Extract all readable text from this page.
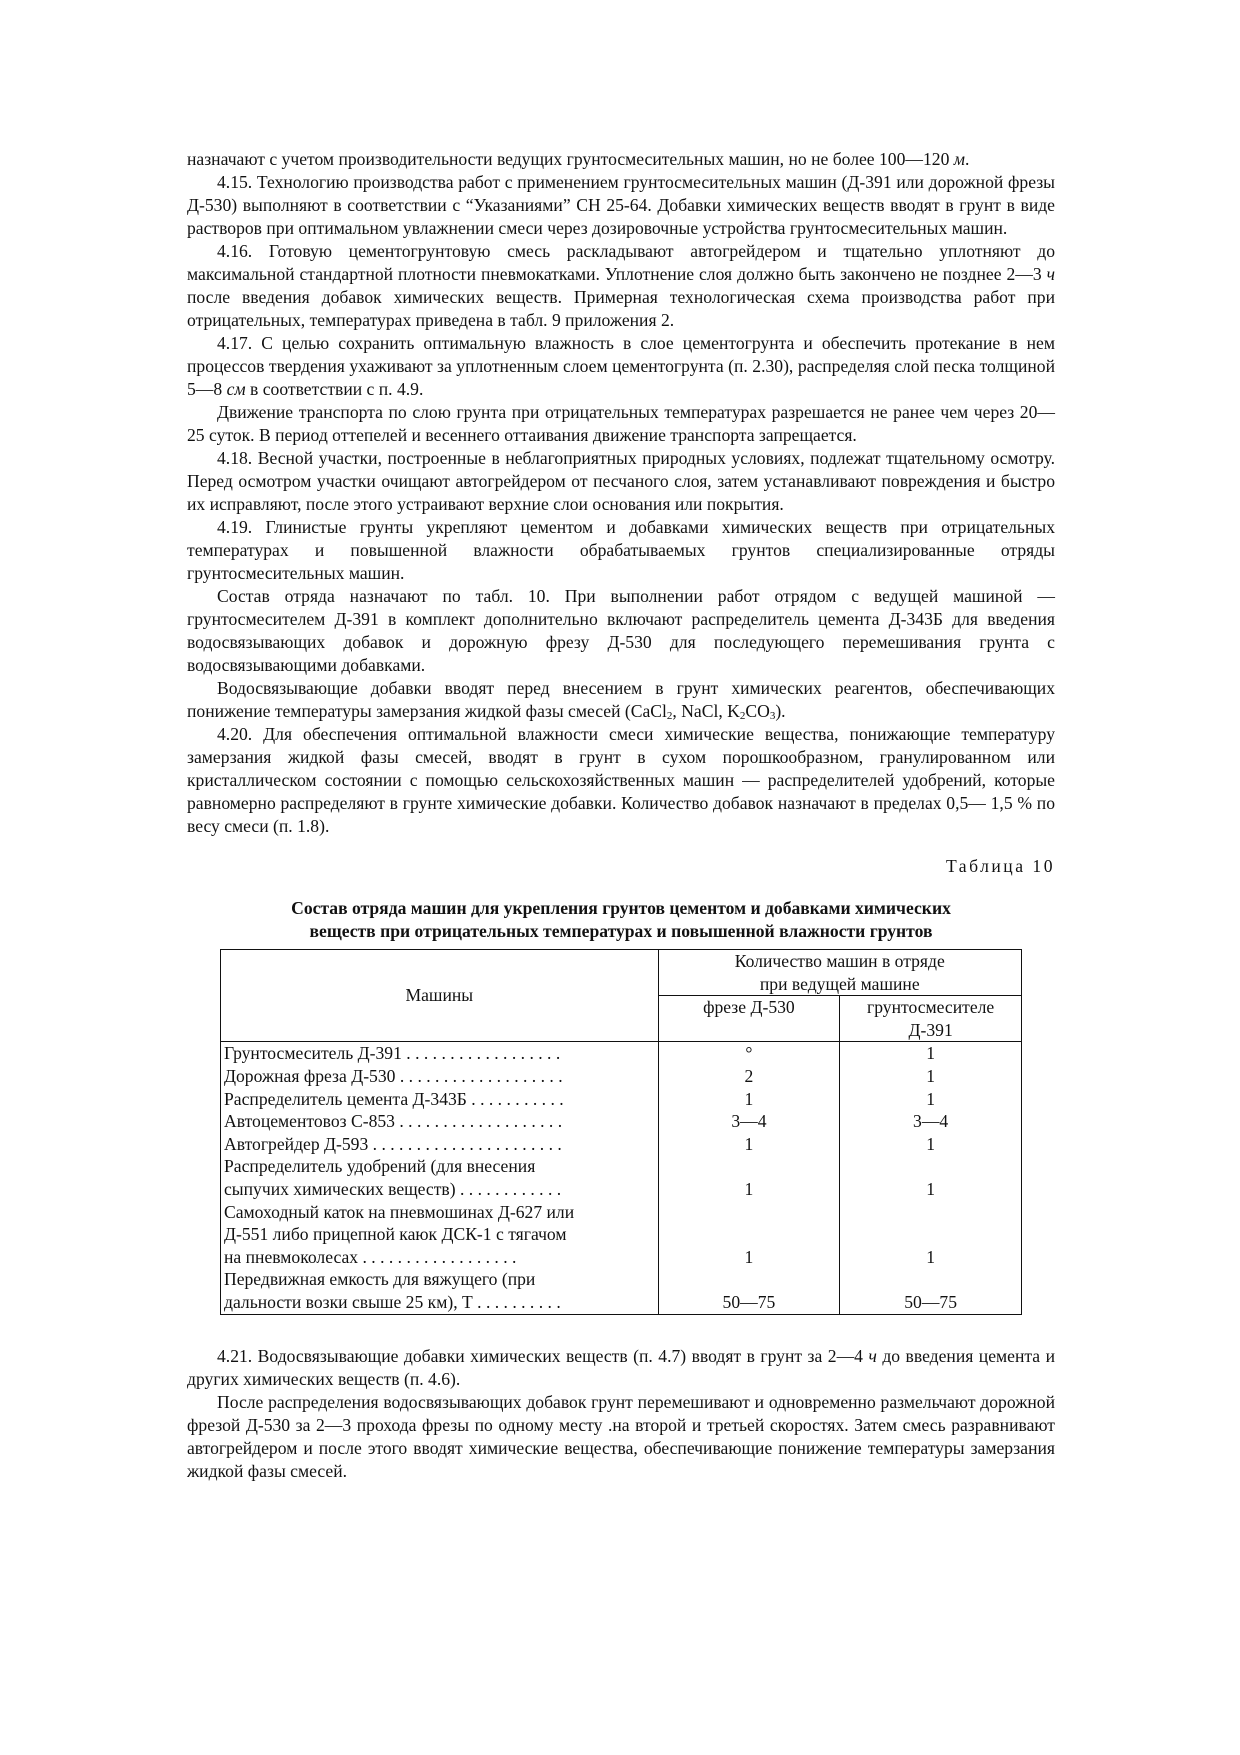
назначают с учетом производительности ведущих грунтосмесительных машин, но не более 100—120 м.

4.15. Технологию производства работ с применением грунтосмесительных машин (Д-391 или дорожной фрезы Д-530) выполняют в соответствии с “Указаниями” СН 25-64. Добавки химических веществ вводят в грунт в виде растворов при оптимальном увлажнении смеси через дозировочные устройства грунтосмесительных машин.

4.16. Готовую цементогрунтовую смесь раскладывают автогрейдером и тщательно уплотняют до максимальной стандартной плотности пневмокатками. Уплотнение слоя должно быть закончено не позднее 2—3 ч после введения добавок химических веществ. Примерная технологическая схема производства работ при отрицательных, температурах приведена в табл. 9 приложения 2.

4.17. С целью сохранить оптимальную влажность в слое цементогрунта и обеспечить протекание в нем процессов твердения ухаживают за уплотненным слоем цементогрунта (п. 2.30), распределяя слой песка толщиной 5—8 см в соответствии с п. 4.9.

Движение транспорта по слою грунта при отрицательных температурах разрешается не ранее чем через 20—25 суток. В период оттепелей и весеннего оттаивания движение транспорта запрещается.

4.18. Весной участки, построенные в неблагоприятных природных условиях, подлежат тщательному осмотру. Перед осмотром участки очищают автогрейдером от песчаного слоя, затем устанавливают повреждения и быстро их исправляют, после этого устраивают верхние слои основания или покрытия.

4.19. Глинистые грунты укрепляют цементом и добавками химических веществ при отрицательных температурах и повышенной влажности обрабатываемых грунтов специализированные отряды грунтосмесительных машин.

Состав отряда назначают по табл. 10. При выполнении работ отрядом с ведущей машиной — грунтосмесителем Д-391 в комплект дополнительно включают распределитель цемента Д-343Б для введения водосвязывающих добавок и дорожную фрезу Д-530 для последующего перемешивания грунта с водосвязывающими добавками.

Водосвязывающие добавки вводят перед внесением в грунт химических реагентов, обеспечивающих понижение температуры замерзания жидкой фазы смесей (CaCl$_2$, NaCl, $K_2CO_3$).

4.20. Для обеспечения оптимальной влажности смеси химические вещества, понижающие температуру замерзания жидкой фазы смесей, вводят в грунт в сухом порошкообразном, гранулированном или кристаллическом состоянии с помощью сельскохозяйственных машин — распределителей удобрений, которые равномерно распределяют в грунте химические добавки. Количество добавок назначают в пределах 0,5— 1,5 % по весу смеси (п. 1.8).

Таблица 10

Состав отряда машин для укрепления грунтов цементом и добавками химических
веществ при отрицательных температурах и повышенной влажности грунтов
Машины	Количество машин в отряде
при ведущей машине	

	фрезе Д-530	грунтосмесителе
Д-391

Грунтосмеситель Д-391 . . . . . . . . . . . . . . . . . .	°	1

Дорожная фреза Д-530 . . . . . . . . . . . . . . . . . . .	2	1

Распределитель цемента Д-343Б . . . . . . . . . . .	1	1

Автоцементовоз С-853 . . . . . . . . . . . . . . . . . . .	3—4	3—4

Автогрейдер Д-593 . . . . . . . . . . . . . . . . . . . . . .	1	1

Распределитель удобрений (для внесения
сыпучих химических веществ) . . . . . . . . . . . .	1	1

Самоходный каток на пневмошинах Д-627 или
Д-551 либо прицепной каюк ДСК-1 с тягачом
на пневмоколесах . . . . . . . . . . . . . . . . . .	1	1

Передвижная емкость для вяжущего (при
дальности возки свыше 25 км), Т . . . . . . . . . .	50—75	50—75

4.21. Водосвязывающие добавки химических веществ (п. 4.7) вводят в грунт за 2—4 ч до введения цемента и других химических веществ (п. 4.6).

После распределения водосвязывающих добавок грунт перемешивают и одновременно размельчают дорожной фрезой Д-530 за 2—3 прохода фрезы по одному месту .на второй и третьей скоростях. Затем смесь разравнивают автогрейдером и после этого вводят химические вещества, обеспечивающие понижение температуры замерзания жидкой фазы смесей.
